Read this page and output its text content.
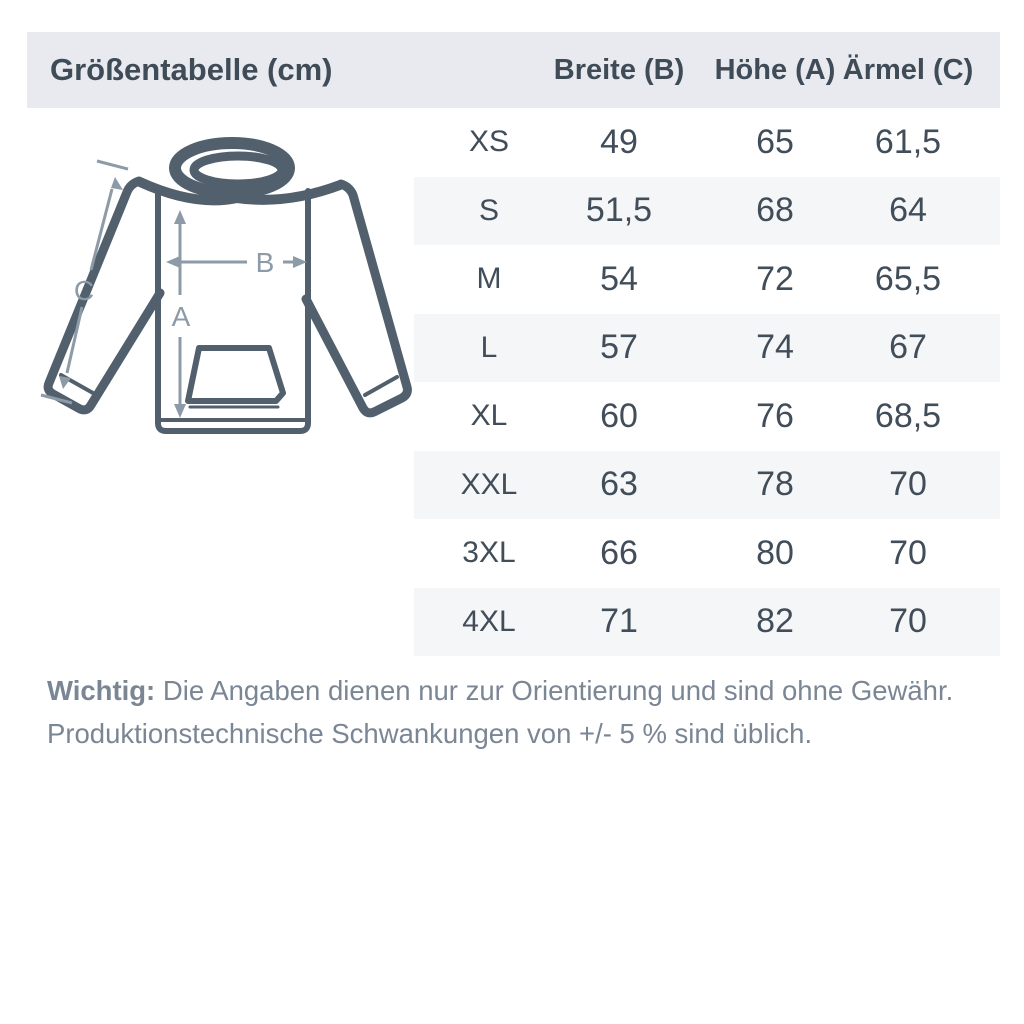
Größentabelle (cm)	Breite (B)	Höhe (A) Ärmel (C)
A
B
C
XS	49	65	61,5
S	51,5	68	64
M	54	72	65,5
L	57	74	67
XL	60	76	68,5
XXL	63	78	70
3XL	66	80	70
4XL	71	82	70
Wichtig: Die Angaben dienen nur zur Orientierung und sind ohne Gewähr.
Produktionstechnische Schwankungen von +/- 5 % sind üblich.
